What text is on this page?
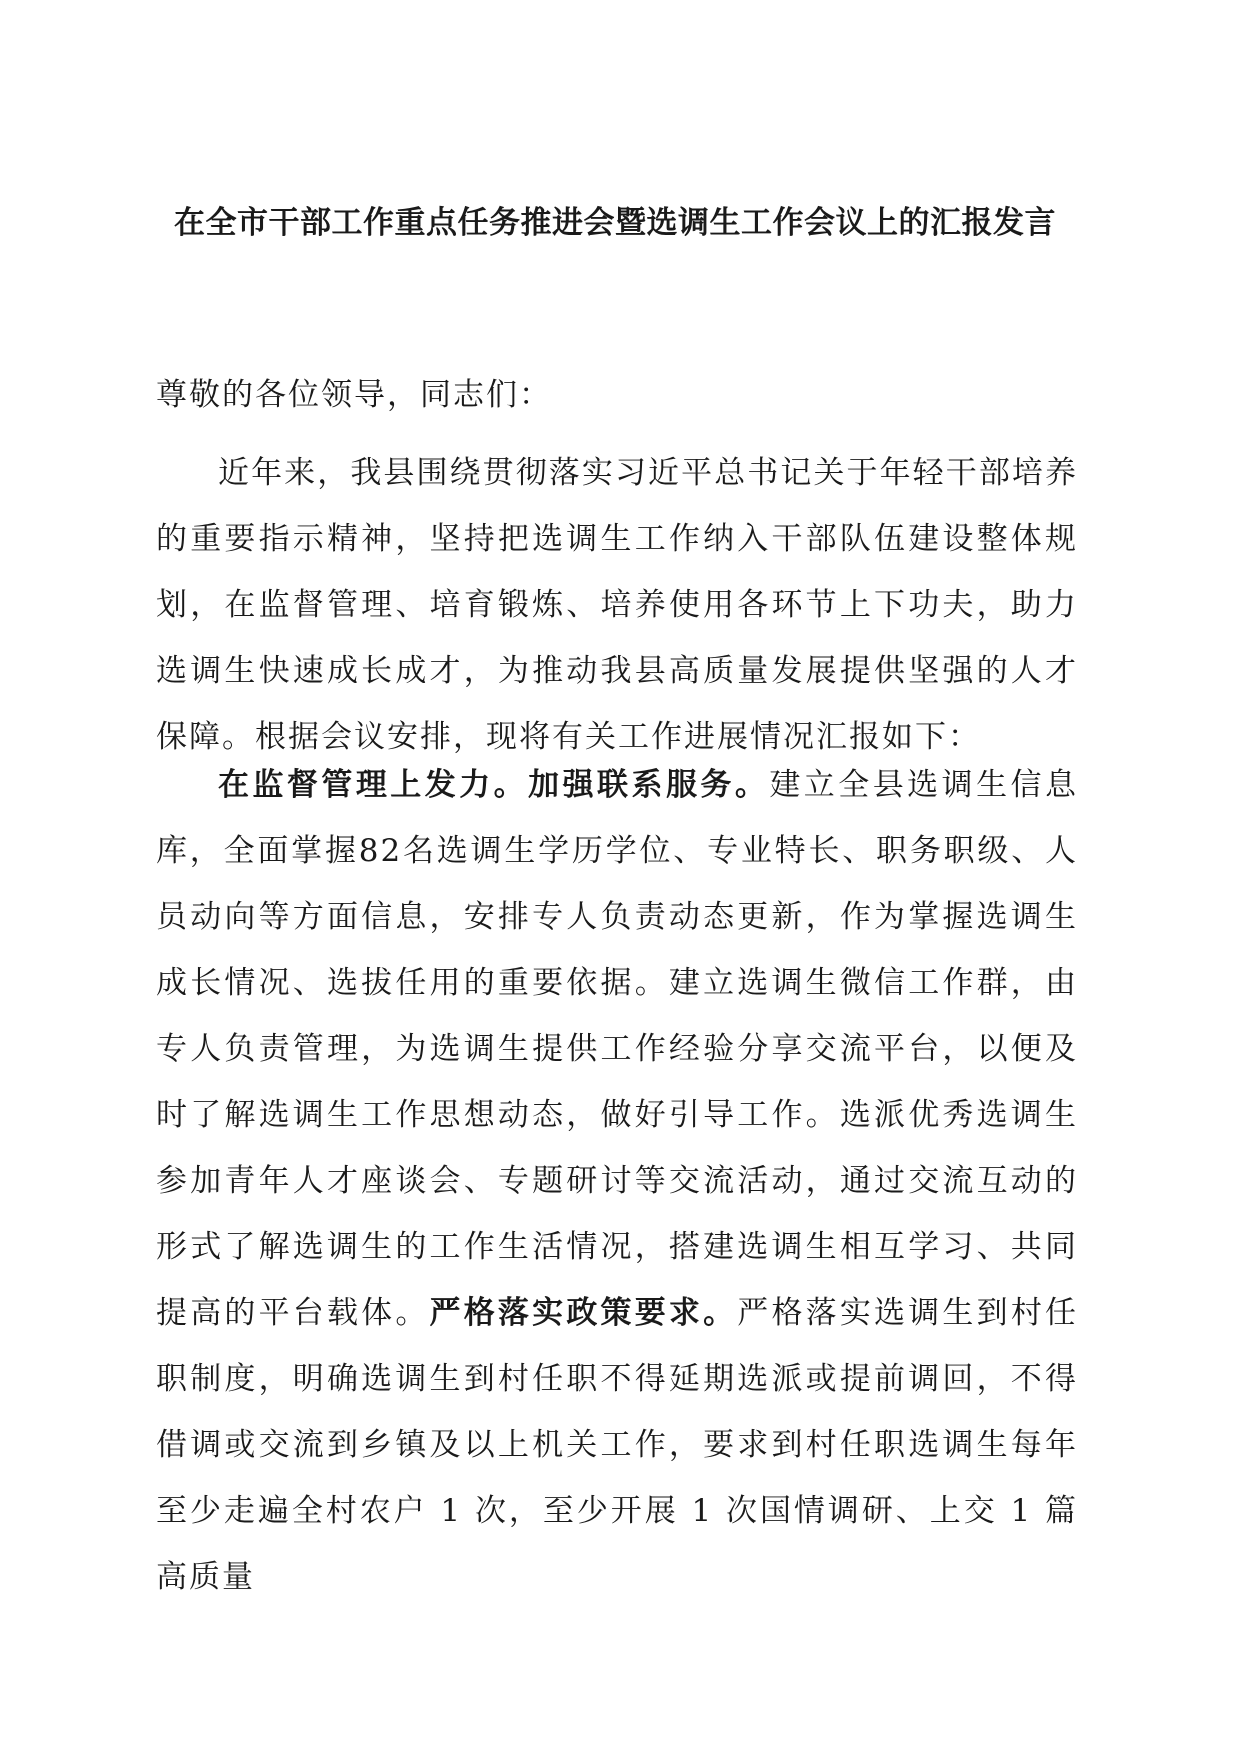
在全市干部工作重点任务推进会暨选调生工作会议上的汇报发言
尊敬的各位领导，同志们：
近年来，我县围绕贯彻落实习近平总书记关于年轻干部培养的重要指示精神，坚持把选调生工作纳入干部队伍建设整体规划，在监督管理、培育锻炼、培养使用各环节上下功夫，助力选调生快速成长成才，为推动我县高质量发展提供坚强的人才保障。根据会议安排，现将有关工作进展情况汇报如下：
在监督管理上发力。加强联系服务。建立全县选调生信息库，全面掌握82名选调生学历学位、专业特长、职务职级、人员动向等方面信息，安排专人负责动态更新，作为掌握选调生成长情况、选拔任用的重要依据。建立选调生微信工作群，由专人负责管理，为选调生提供工作经验分享交流平台，以便及时了解选调生工作思想动态，做好引导工作。选派优秀选调生参加青年人才座谈会、专题研讨等交流活动，通过交流互动的形式了解选调生的工作生活情况，搭建选调生相互学习、共同提高的平台载体。严格落实政策要求。严格落实选调生到村任职制度，明确选调生到村任职不得延期选派或提前调回，不得借调或交流到乡镇及以上机关工作，要求到村任职选调生每年至少走遍全村农户 1 次，至少开展 1 次国情调研、上交 1 篇高质量
